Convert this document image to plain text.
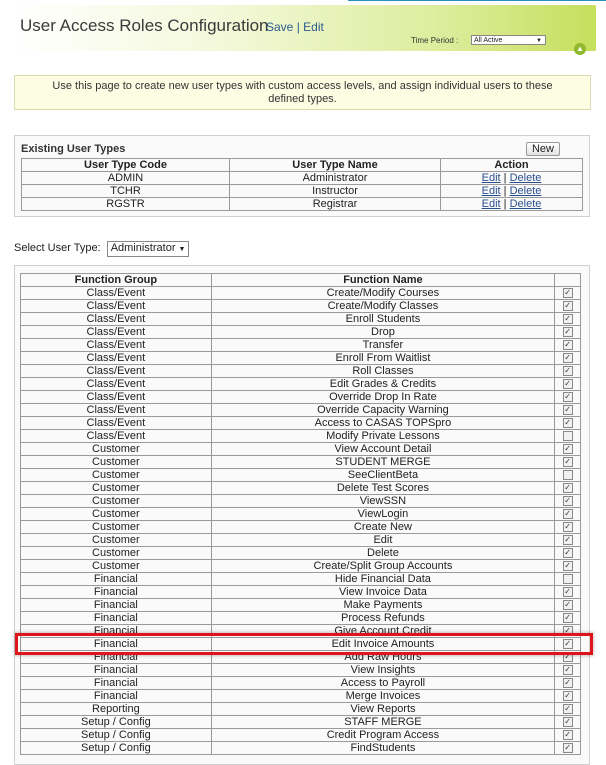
User Access Roles Configuration
Save | Edit
Time Period :	All Active	▼
▲
Use this page to create new user types with custom access levels, and assign individual users to these defined types.
Existing User Types	New
User Type Code	User Type Name	Action
ADMIN	Administrator	Edit | Delete
TCHR	Instructor	Edit | Delete
RGSTR	Registrar	Edit | Delete
Select User Type: Administrator ▼
Function Group	Function Name	
Class/Event	Create/Modify Courses	✓
Class/Event	Create/Modify Classes	✓
Class/Event	Enroll Students	✓
Class/Event	Drop	✓
Class/Event	Transfer	✓
Class/Event	Enroll From Waitlist	✓
Class/Event	Roll Classes	✓
Class/Event	Edit Grades & Credits	✓
Class/Event	Override Drop In Rate	✓
Class/Event	Override Capacity Warning	✓
Class/Event	Access to CASAS TOPSpro	✓
Class/Event	Modify Private Lessons	
Customer	View Account Detail	✓
Customer	STUDENT MERGE	✓
Customer	SeeClientBeta	
Customer	Delete Test Scores	✓
Customer	ViewSSN	✓
Customer	ViewLogin	✓
Customer	Create New	✓
Customer	Edit	✓
Customer	Delete	✓
Customer	Create/Split Group Accounts	✓
Financial	Hide Financial Data	
Financial	View Invoice Data	✓
Financial	Make Payments	✓
Financial	Process Refunds	✓
Financial	Give Account Credit	✓
Financial	Edit Invoice Amounts	✓
Financial	Add Raw Hours	✓
Financial	View Insights	✓
Financial	Access to Payroll	✓
Financial	Merge Invoices	✓
Reporting	View Reports	✓
Setup / Config	STAFF MERGE	✓
Setup / Config	Credit Program Access	✓
Setup / Config	FindStudents	✓
